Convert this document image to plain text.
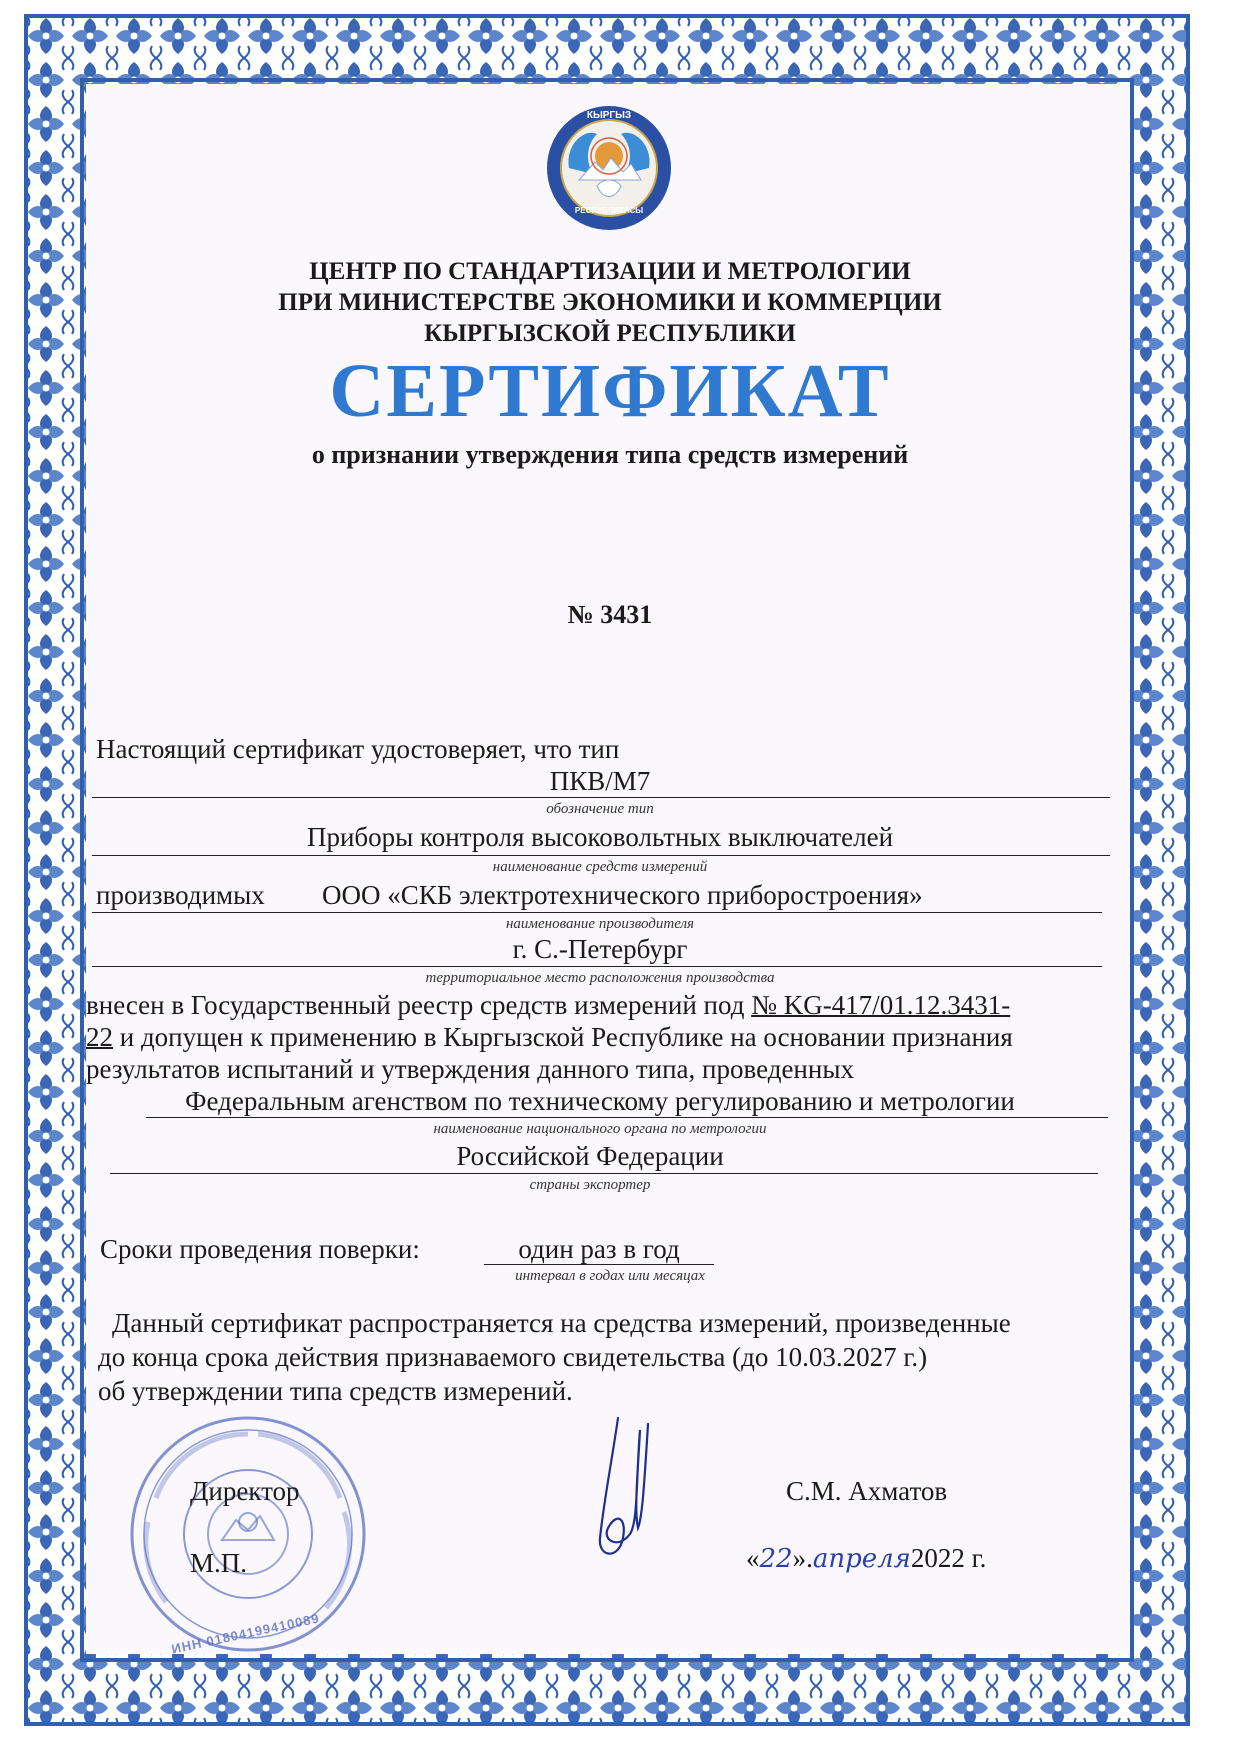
КЫРГЫЗ
РЕСПУБЛИКАСЫ
ЦЕНТР ПО СТАНДАРТИЗАЦИИ И МЕТРОЛОГИИ
ПРИ МИНИСТЕРСТВЕ ЭКОНОМИКИ И КОММЕРЦИИ
КЫРГЫЗСКОЙ РЕСПУБЛИКИ
СЕРТИФИКАТ
о признании утверждения типа средств измерений
№ 3431
Настоящий сертификат удостоверяет, что тип
ПКВ/М7
обозначение тип
Приборы контроля высоковольтных выключателей
наименование средств измерений
производимых ООО «СКБ электротехнического приборостроения»
наименование производителя
г. С.-Петербург
территориальное место расположения производства
внесен в Государственный реестр средств измерений под № KG-417/01.12.3431-
22 и допущен к применению в Кыргызской Республике на основании признания
результатов испытаний и утверждения данного типа, проведенных
Федеральным агенством по техническому регулированию и метрологии
наименование национального органа по метрологии
Российской Федерации
страны экспортер
Сроки проведения поверки:	один раз в год
интервал в годах или месяцах
Данный сертификат распространяется на средства измерений, произведенные
до конца срока действия признаваемого свидетельства (до 10.03.2027 г.)
об утверждении типа средств измерений.
ИНН 01804199410089
Директор
М.П.
С.М. Ахматов
«22».апреля2022 г.
